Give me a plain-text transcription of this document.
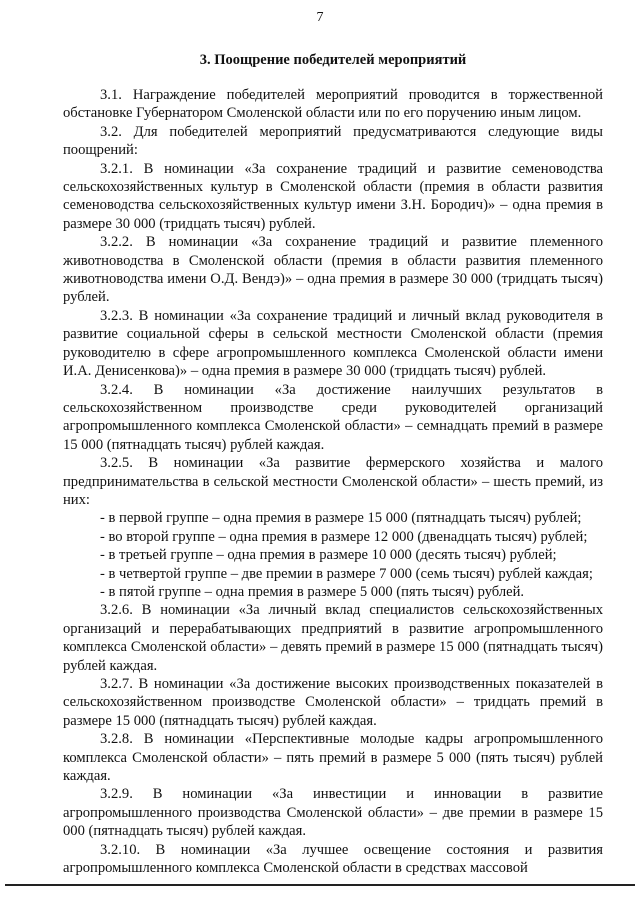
7
3. Поощрение победителей мероприятий

3.1. Награждение победителей мероприятий проводится в торжественной обстановке Губернатором Смоленской области или по его поручению иным лицом.

3.2. Для победителей мероприятий предусматриваются следующие виды поощрений:

3.2.1. В номинации «За сохранение традиций и развитие семеноводства сельскохозяйственных культур в Смоленской области (премия в области развития семеноводства сельскохозяйственных культур имени З.Н. Бородич)» – одна премия в размере 30 000 (тридцать тысяч) рублей.

3.2.2. В номинации «За сохранение традиций и развитие племенного животноводства в Смоленской области (премия в области развития племенного животноводства имени О.Д. Вендэ)» – одна премия в размере 30 000 (тридцать тысяч) рублей.

3.2.3. В номинации «За сохранение традиций и личный вклад руководителя в развитие социальной сферы в сельской местности Смоленской области (премия руководителю в сфере агропромышленного комплекса Смоленской области имени И.А. Денисенкова)» – одна премия в размере 30 000 (тридцать тысяч) рублей.

3.2.4. В номинации «За достижение наилучших результатов в сельскохозяйственном производстве среди руководителей организаций агропромышленного комплекса Смоленской области» – семнадцать премий в размере 15 000 (пятнадцать тысяч) рублей каждая.

3.2.5. В номинации «За развитие фермерского хозяйства и малого предпринимательства в сельской местности Смоленской области» – шесть премий, из них:

- в первой группе – одна премия в размере 15 000 (пятнадцать тысяч) рублей;
- во второй группе – одна премия в размере 12 000 (двенадцать тысяч) рублей;
- в третьей группе – одна премия в размере 10 000 (десять тысяч) рублей;
- в четвертой группе – две премии в размере 7 000 (семь тысяч) рублей каждая;
- в пятой группе – одна премия в размере 5 000 (пять тысяч) рублей.

3.2.6. В номинации «За личный вклад специалистов сельскохозяйственных организаций и перерабатывающих предприятий в развитие агропромышленного комплекса Смоленской области» – девять премий в размере 15 000 (пятнадцать тысяч) рублей каждая.

3.2.7. В номинации «За достижение высоких производственных показателей в сельскохозяйственном производстве Смоленской области» – тридцать премий в размере 15 000 (пятнадцать тысяч) рублей каждая.

3.2.8. В номинации «Перспективные молодые кадры агропромышленного комплекса Смоленской области» – пять премий в размере 5 000 (пять тысяч) рублей каждая.

3.2.9. В номинации «За инвестиции и инновации в развитие агропромышленного производства Смоленской области» – две премии в размере 15 000 (пятнадцать тысяч) рублей каждая.

3.2.10. В номинации «За лучшее освещение состояния и развития агропромышленного комплекса Смоленской области в средствах массовой
